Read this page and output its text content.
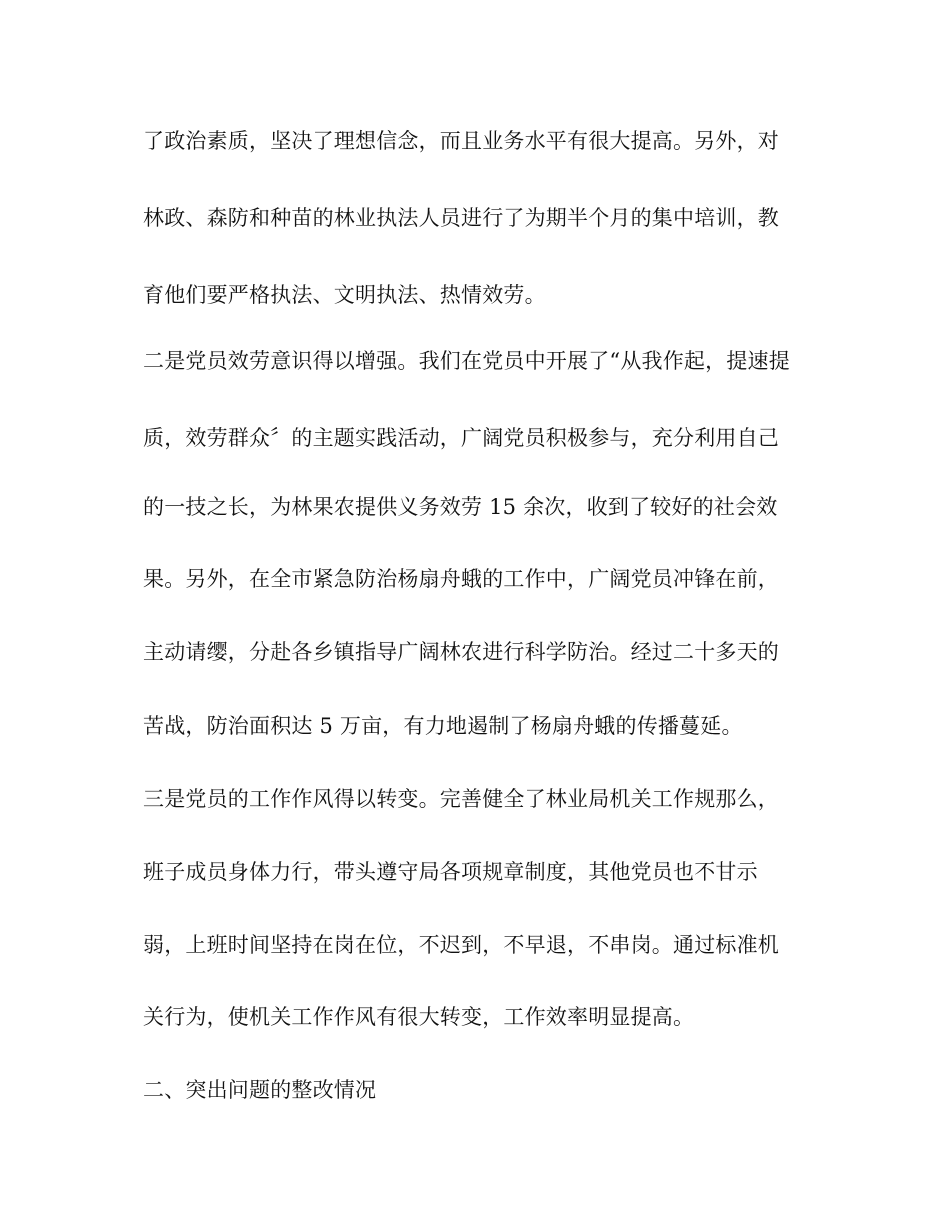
了政治素质，坚决了理想信念，而且业务水平有很大提高。另外，对
林政、森防和种苗的林业执法人员进行了为期半个月的集中培训，教
育他们要严格执法、文明执法、热情效劳。
二是党员效劳意识得以增强。我们在党员中开展了“从我作起，提速提
质，效劳群众〞的主题实践活动，广阔党员积极参与，充分利用自己
的一技之长，为林果农提供义务效劳 15 余次，收到了较好的社会效
果。另外，在全市紧急防治杨扇舟蛾的工作中，广阔党员冲锋在前，
主动请缨，分赴各乡镇指导广阔林农进行科学防治。经过二十多天的
苦战，防治面积达 5 万亩，有力地遏制了杨扇舟蛾的传播蔓延。
三是党员的工作作风得以转变。完善健全了林业局机关工作规那么，
班子成员身体力行，带头遵守局各项规章制度，其他党员也不甘示
弱，上班时间坚持在岗在位，不迟到，不早退，不串岗。通过标准机
关行为，使机关工作作风有很大转变，工作效率明显提高。
二、突出问题的整改情况
